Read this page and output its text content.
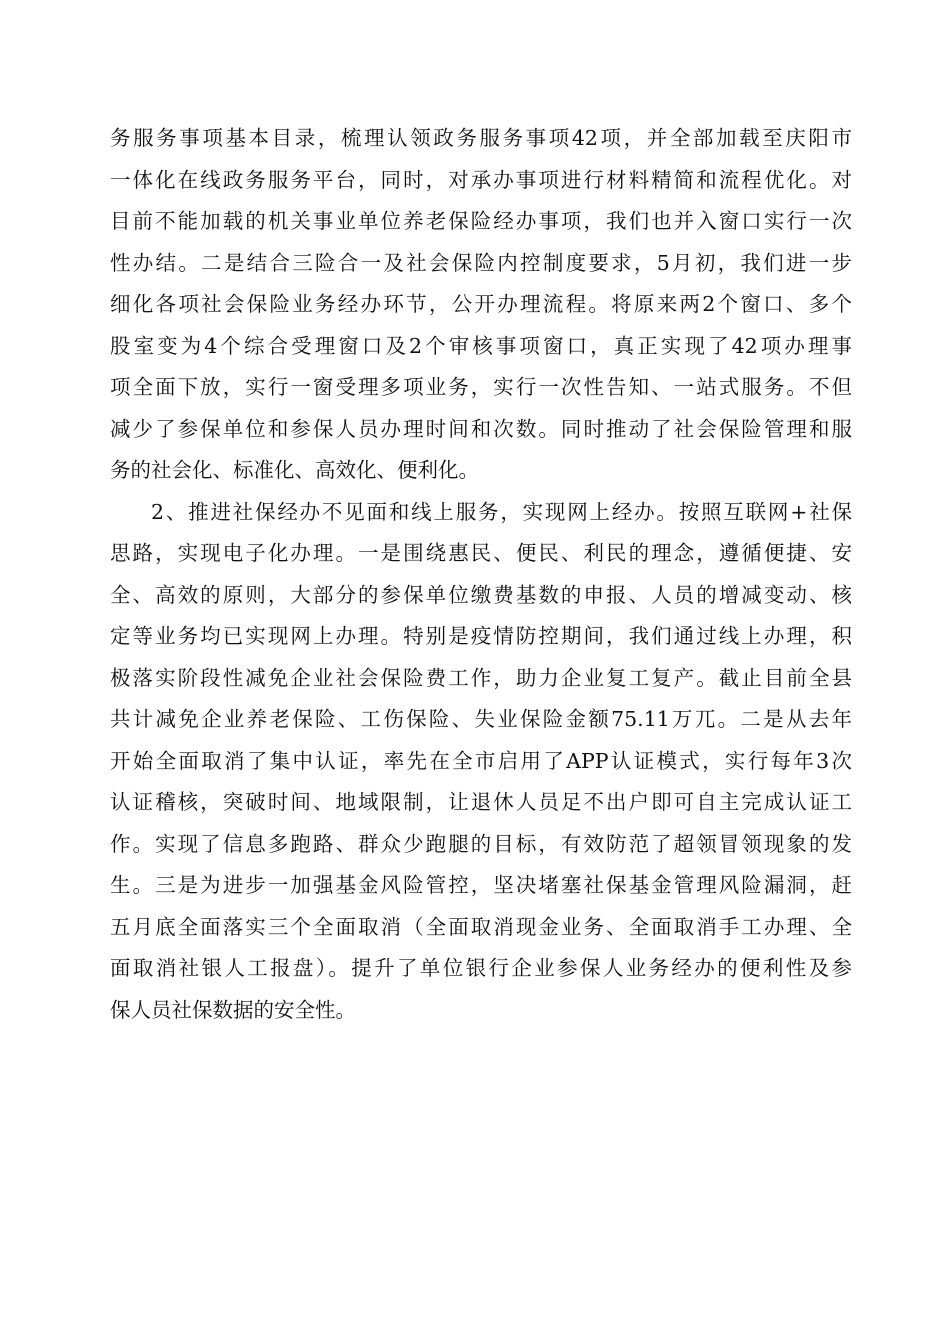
务服务事项基本目录，梳理认领政务服务事项42项，并全部加载至庆阳市
一体化在线政务服务平台，同时，对承办事项进行材料精简和流程优化。对
目前不能加载的机关事业单位养老保险经办事项，我们也并入窗口实行一次
性办结。二是结合三险合一及社会保险内控制度要求，5月初，我们进一步
细化各项社会保险业务经办环节，公开办理流程。将原来两2个窗口、多个
股室变为4个综合受理窗口及2个审核事项窗口，真正实现了42项办理事
项全面下放，实行一窗受理多项业务，实行一次性告知、一站式服务。不但
减少了参保单位和参保人员办理时间和次数。同时推动了社会保险管理和服
务的社会化、标准化、高效化、便利化。
2、推进社保经办不见面和线上服务，实现网上经办。按照互联网+社保
思路，实现电子化办理。一是围绕惠民、便民、利民的理念，遵循便捷、安
全、高效的原则，大部分的参保单位缴费基数的申报、人员的增减变动、核
定等业务均已实现网上办理。特别是疫情防控期间，我们通过线上办理，积
极落实阶段性减免企业社会保险费工作，助力企业复工复产。截止目前全县
共计减免企业养老保险、工伤保险、失业保险金额75.11万兀。二是从去年
开始全面取消了集中认证，率先在全市启用了APP认证模式，实行每年3次
认证稽核，突破时间、地域限制，让退休人员足不出户即可自主完成认证工
作。实现了信息多跑路、群众少跑腿的目标，有效防范了超领冒领现象的发
生。三是为进步一加强基金风险管控，坚决堵塞社保基金管理风险漏洞，赶
五月底全面落实三个全面取消（全面取消现金业务、全面取消手工办理、全
面取消社银人工报盘）。提升了单位银行企业参保人业务经办的便利性及参
保人员社保数据的安全性。
